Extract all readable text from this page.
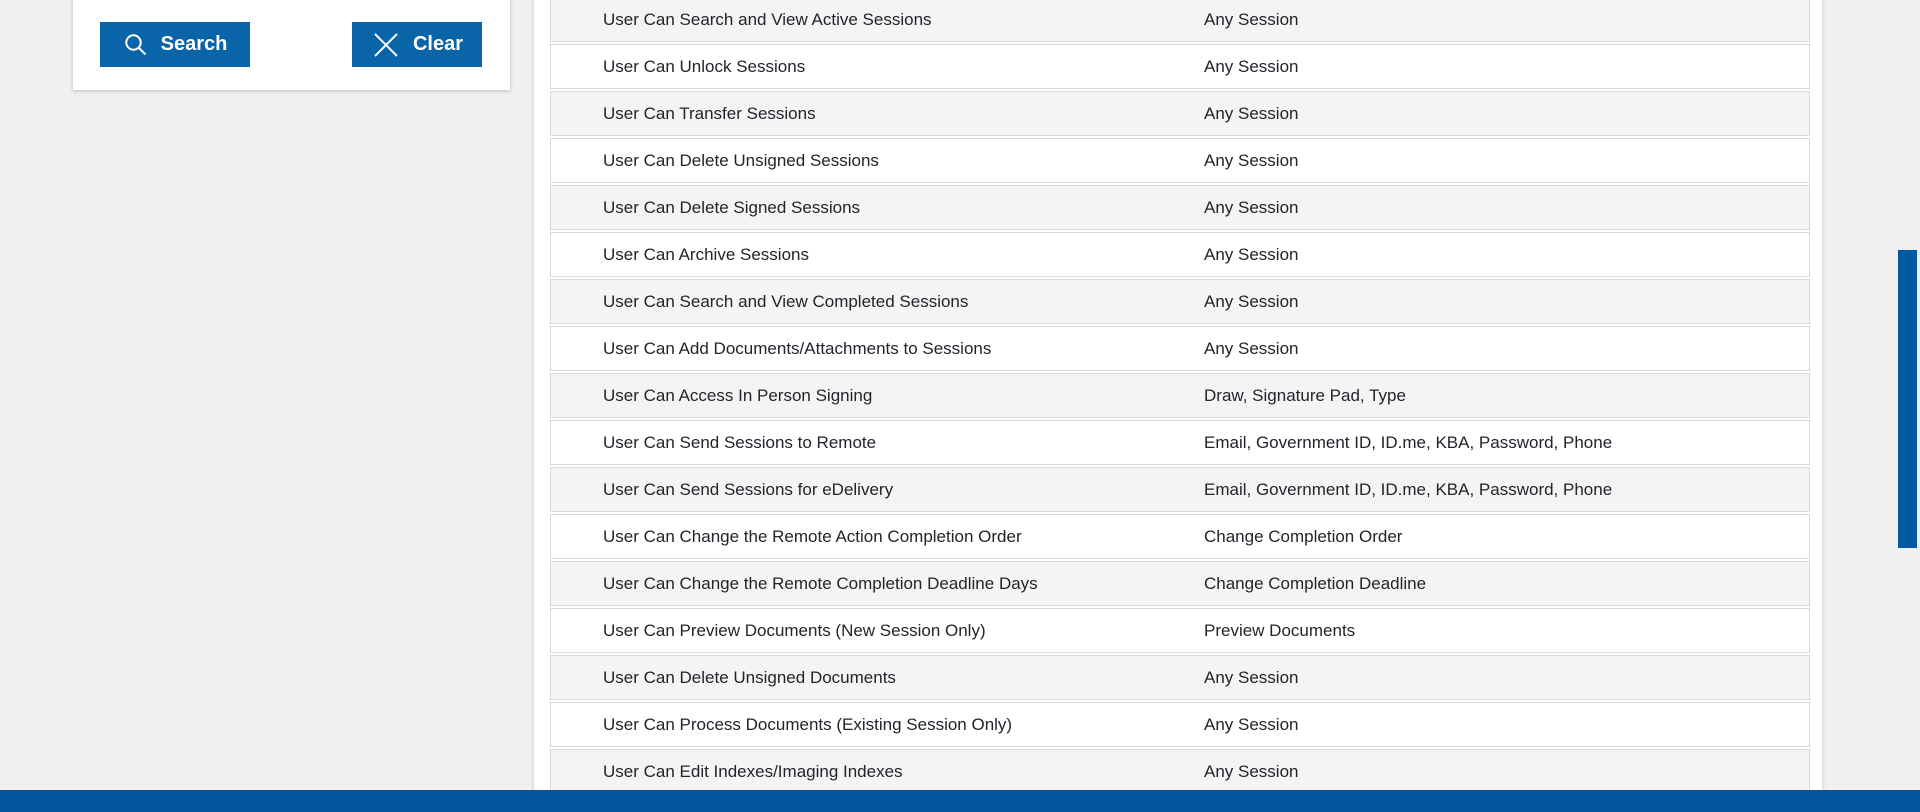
Search	Clear
User Can Search and View Active Sessions	Any Session
User Can Unlock Sessions	Any Session
User Can Transfer Sessions	Any Session
User Can Delete Unsigned Sessions	Any Session
User Can Delete Signed Sessions	Any Session
User Can Archive Sessions	Any Session
User Can Search and View Completed Sessions	Any Session
User Can Add Documents/Attachments to Sessions	Any Session
User Can Access In Person Signing	Draw, Signature Pad, Type
User Can Send Sessions to Remote	Email, Government ID, ID.me, KBA, Password, Phone
User Can Send Sessions for eDelivery	Email, Government ID, ID.me, KBA, Password, Phone
User Can Change the Remote Action Completion Order	Change Completion Order
User Can Change the Remote Completion Deadline Days	Change Completion Deadline
User Can Preview Documents (New Session Only)	Preview Documents
User Can Delete Unsigned Documents	Any Session
User Can Process Documents (Existing Session Only)	Any Session
User Can Edit Indexes/Imaging Indexes	Any Session
